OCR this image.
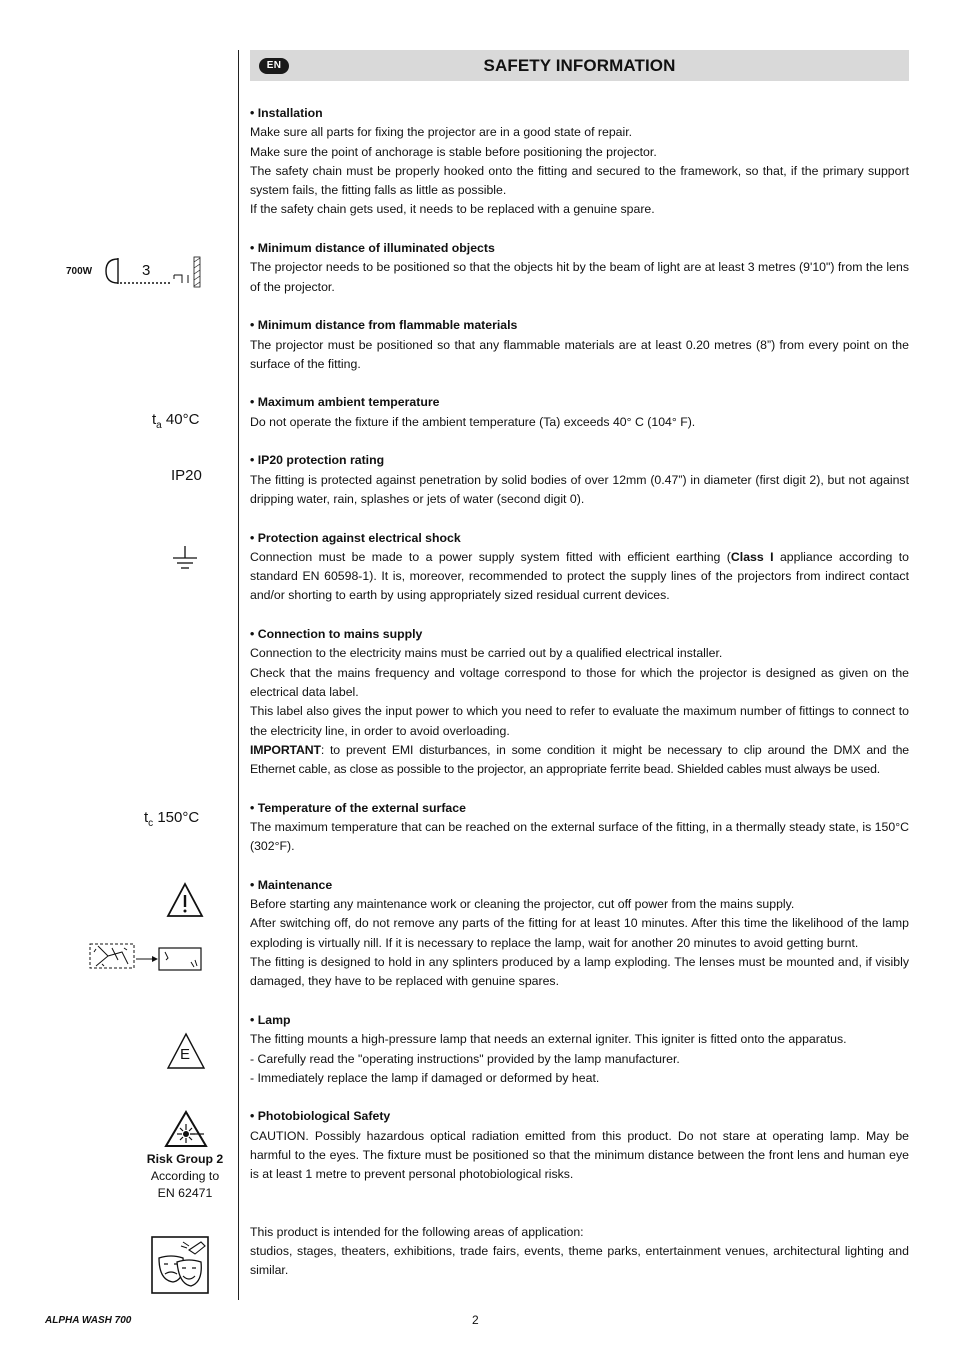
EN	SAFETY INFORMATION
700W	3
$t_a$ 40°C
IP20
$t_c$ 150°C
E
Risk Group 2
According to
EN 62471

• Installation

Make sure all parts for fixing the projector are in a good state of repair.

Make sure the point of anchorage is stable before positioning the projector.

The safety chain must be properly hooked onto the fitting and secured to the framework, so that, if the primary support system fails, the fitting falls as little as possible.

If the safety chain gets used, it needs to be replaced with a genuine spare.

• Minimum distance of illuminated objects

The projector needs to be positioned so that the objects hit by the beam of light are at least 3 metres (9'10") from the lens of the projector.

• Minimum distance from flammable materials

The projector must be positioned so that any flammable materials are at least 0.20 metres (8”) from every point on the surface of the fitting.

• Maximum ambient temperature

Do not operate the fixture if the ambient temperature (Ta) exceeds 40° C (104° F).

• IP20 protection rating

The fitting is protected against penetration by solid bodies of over 12mm (0.47”) in diameter (first digit 2), but not against dripping water, rain, splashes or jets of water (second digit 0).

• Protection against electrical shock

Connection must be made to a power supply system fitted with efficient earthing (Class I appliance according to standard EN 60598-1). It is, moreover, recommended to protect the supply lines of the projectors from indirect contact and/or shorting to earth by using appropriately sized residual current devices.

• Connection to mains supply

Connection to the electricity mains must be carried out by a qualified electrical installer.

Check that the mains frequency and voltage correspond to those for which the projector is designed as given on the electrical data label.

This label also gives the input power to which you need to refer to evaluate the maximum number of fittings to connect to the electricity line, in order to avoid overloading.

IMPORTANT: to prevent EMI disturbances, in some condition it might be necessary to clip around the DMX and the Ethernet cable, as close as possible to the projector, an appropriate ferrite bead. Shielded cables must always be used.

• Temperature of the external surface

The maximum temperature that can be reached on the external surface of the fitting, in a thermally steady state, is 150°C (302°F).

• Maintenance

Before starting any maintenance work or cleaning the projector, cut off power from the mains supply.

After switching off, do not remove any parts of the fitting for at least 10 minutes. After this time the likelihood of the lamp exploding is virtually nill. If it is necessary to replace the lamp, wait for another 20 minutes to avoid getting burnt.

The fitting is designed to hold in any splinters produced by a lamp exploding. The lenses must be mounted and, if visibly damaged, they have to be replaced with genuine spares.

• Lamp

The fitting mounts a high-pressure lamp that needs an external igniter. This igniter is fitted onto the apparatus.

- Carefully read the "operating instructions" provided by the lamp manufacturer.

- Immediately replace the lamp if damaged or deformed by heat.

• Photobiological Safety

CAUTION. Possibly hazardous optical radiation emitted from this product. Do not stare at operating lamp. May be harmful to the eyes. The fixture must be positioned so that the minimum distance between the front lens and human eye is at least 1 metre to prevent personal photobiological risks.

This product is intended for the following areas of application:

studios, stages, theaters, exhibitions, trade fairs, events, theme parks, entertainment venues, architectural lighting and similar.

ALPHA WASH 700	2
